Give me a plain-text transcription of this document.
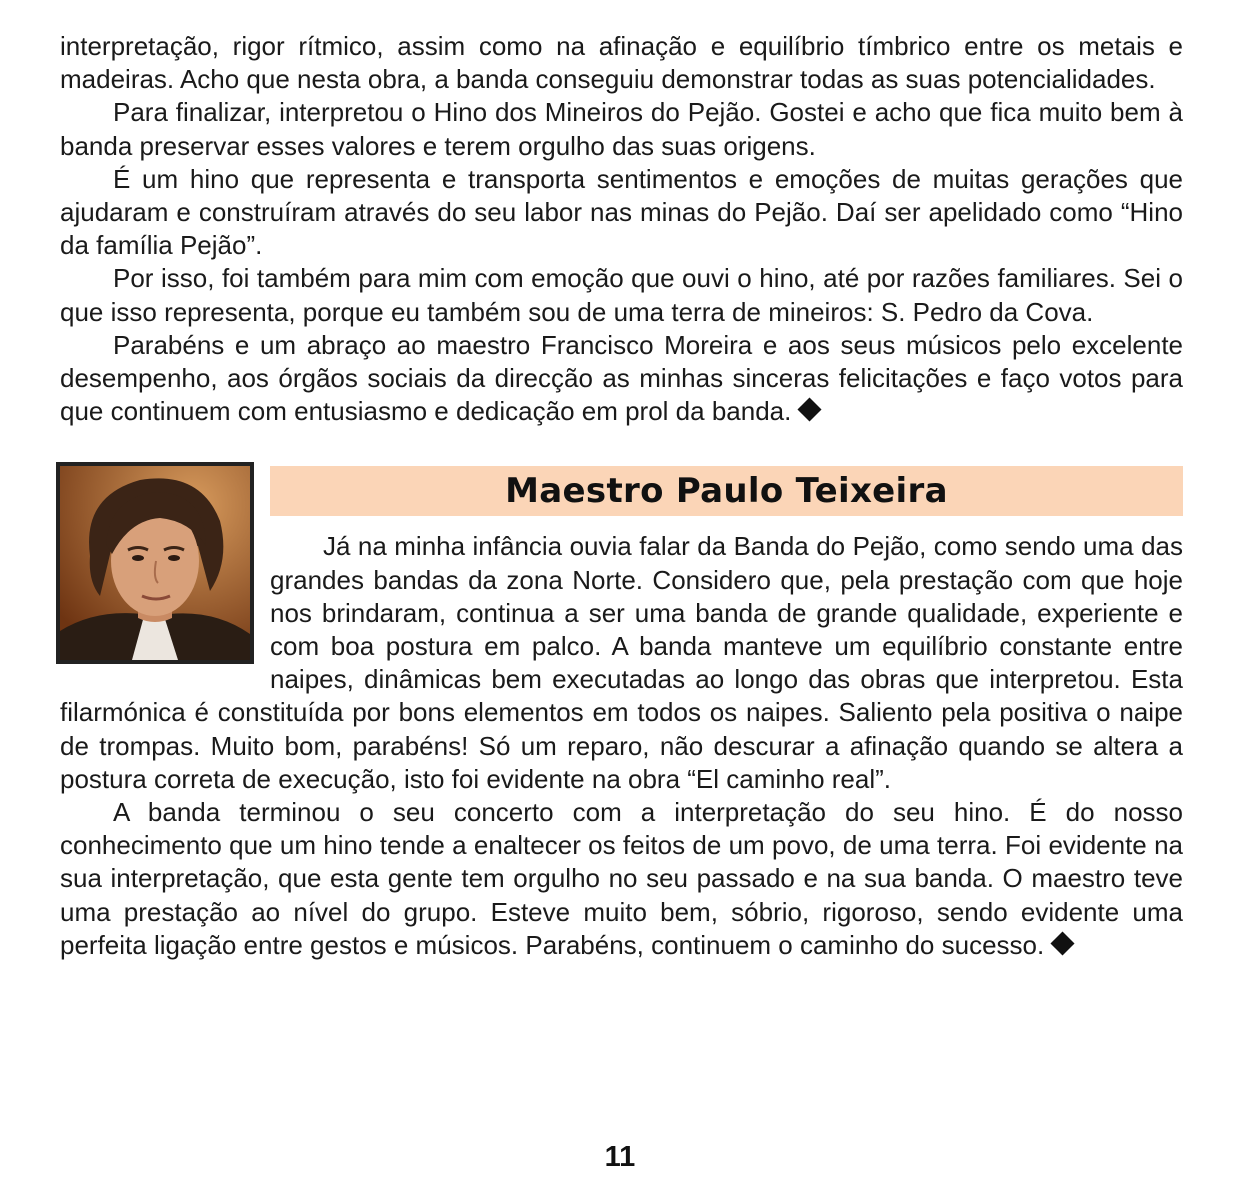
interpretação, rigor rítmico, assim como na afinação e equilíbrio tímbrico entre os metais e madeiras. Acho que nesta obra, a banda conseguiu demonstrar todas as suas potencialidades.

Para finalizar, interpretou o Hino dos Mineiros do Pejão. Gostei e acho que fica muito bem à banda preservar esses valores e terem orgulho das suas origens.

É um hino que representa e transporta sentimentos e emoções de muitas gerações que ajudaram e construíram através do seu labor nas minas do Pejão. Daí ser apelidado como “Hino da família Pejão”.

Por isso, foi também para mim com emoção que ouvi o hino, até por razões familiares. Sei o que isso representa, porque eu também sou de uma terra de mineiros: S. Pedro da Cova.

Parabéns e um abraço ao maestro Francisco Moreira e aos seus músicos pelo excelente desempenho, aos órgãos sociais da direcção as minhas sinceras felicitações e faço votos para que continuem com entusiasmo e dedicação em prol da banda.

Maestro Paulo Teixeira

Já na minha infância ouvia falar da Banda do Pejão, como sendo uma das grandes bandas da zona Norte. Considero que, pela prestação com que hoje nos brindaram, continua a ser uma banda de grande qualidade, experiente e com boa postura em palco. A banda manteve um equilíbrio constante entre naipes, dinâmicas bem executadas ao longo das obras que interpretou. Esta filarmónica é constituída por bons elementos em todos os naipes. Saliento pela positiva o naipe de trompas. Muito bom, parabéns! Só um reparo, não descurar a afinação quando se altera a postura correta de execução, isto foi evidente na obra “El caminho real”.

A banda terminou o seu concerto com a interpretação do seu hino. É do nosso conhecimento que um hino tende a enaltecer os feitos de um povo, de uma terra. Foi evidente na sua interpretação, que esta gente tem orgulho no seu passado e na sua banda. O maestro teve uma prestação ao nível do grupo. Esteve muito bem, sóbrio, rigoroso, sendo evidente uma perfeita ligação entre gestos e músicos. Parabéns, continuem o caminho do sucesso.

11
